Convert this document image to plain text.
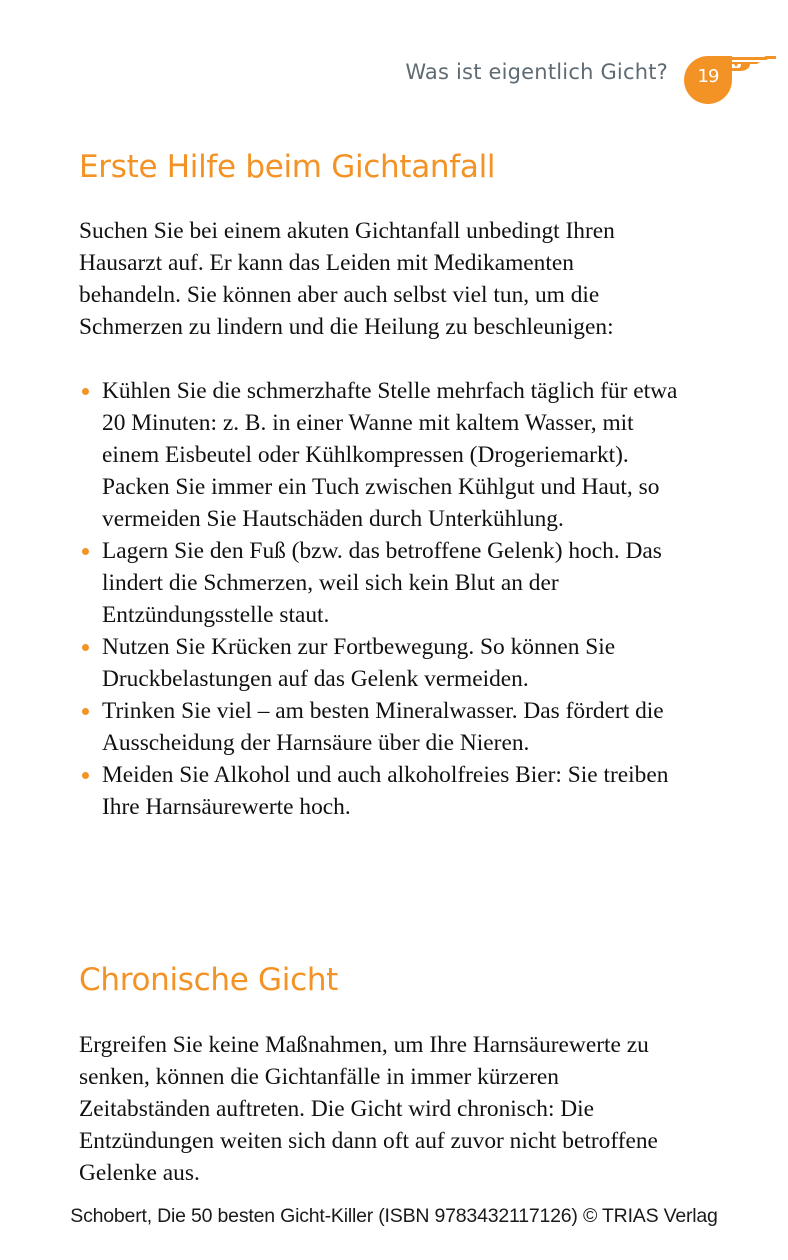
Was ist eigentlich Gicht?	19
Erste Hilfe beim Gichtanfall

Suchen Sie bei einem akuten Gichtanfall unbedingt Ihren Hausarzt auf. Er kann das Leiden mit Medikamenten behandeln. Sie können aber auch selbst viel tun, um die Schmerzen zu lindern und die Heilung zu beschleunigen:

Kühlen Sie die schmerzhafte Stelle mehrfach täglich für etwa 20 Minuten: z. B. in einer Wanne mit kaltem Wasser, mit einem Eisbeutel oder Kühlkompressen (Drogeriemarkt). Packen Sie immer ein Tuch zwischen Kühlgut und Haut, so vermeiden Sie Hautschäden durch Unterkühlung.
Lagern Sie den Fuß (bzw. das betroffene Gelenk) hoch. Das lindert die Schmerzen, weil sich kein Blut an der Entzündungsstelle staut.
Nutzen Sie Krücken zur Fortbewegung. So können Sie Druckbelastungen auf das Gelenk vermeiden.
Trinken Sie viel – am besten Mineralwasser. Das fördert die Ausscheidung der Harnsäure über die Nieren.
Meiden Sie Alkohol und auch alkoholfreies Bier: Sie treiben Ihre Harnsäurewerte hoch.
Chronische Gicht

Ergreifen Sie keine Maßnahmen, um Ihre Harnsäurewerte zu senken, können die Gichtanfälle in immer kürzeren Zeitabständen auftreten. Die Gicht wird chronisch: Die Entzündungen weiten sich dann oft auf zuvor nicht betroffene Gelenke aus.

Schobert, Die 50 besten Gicht-Killer (ISBN 9783432117126) © TRIAS Verlag
